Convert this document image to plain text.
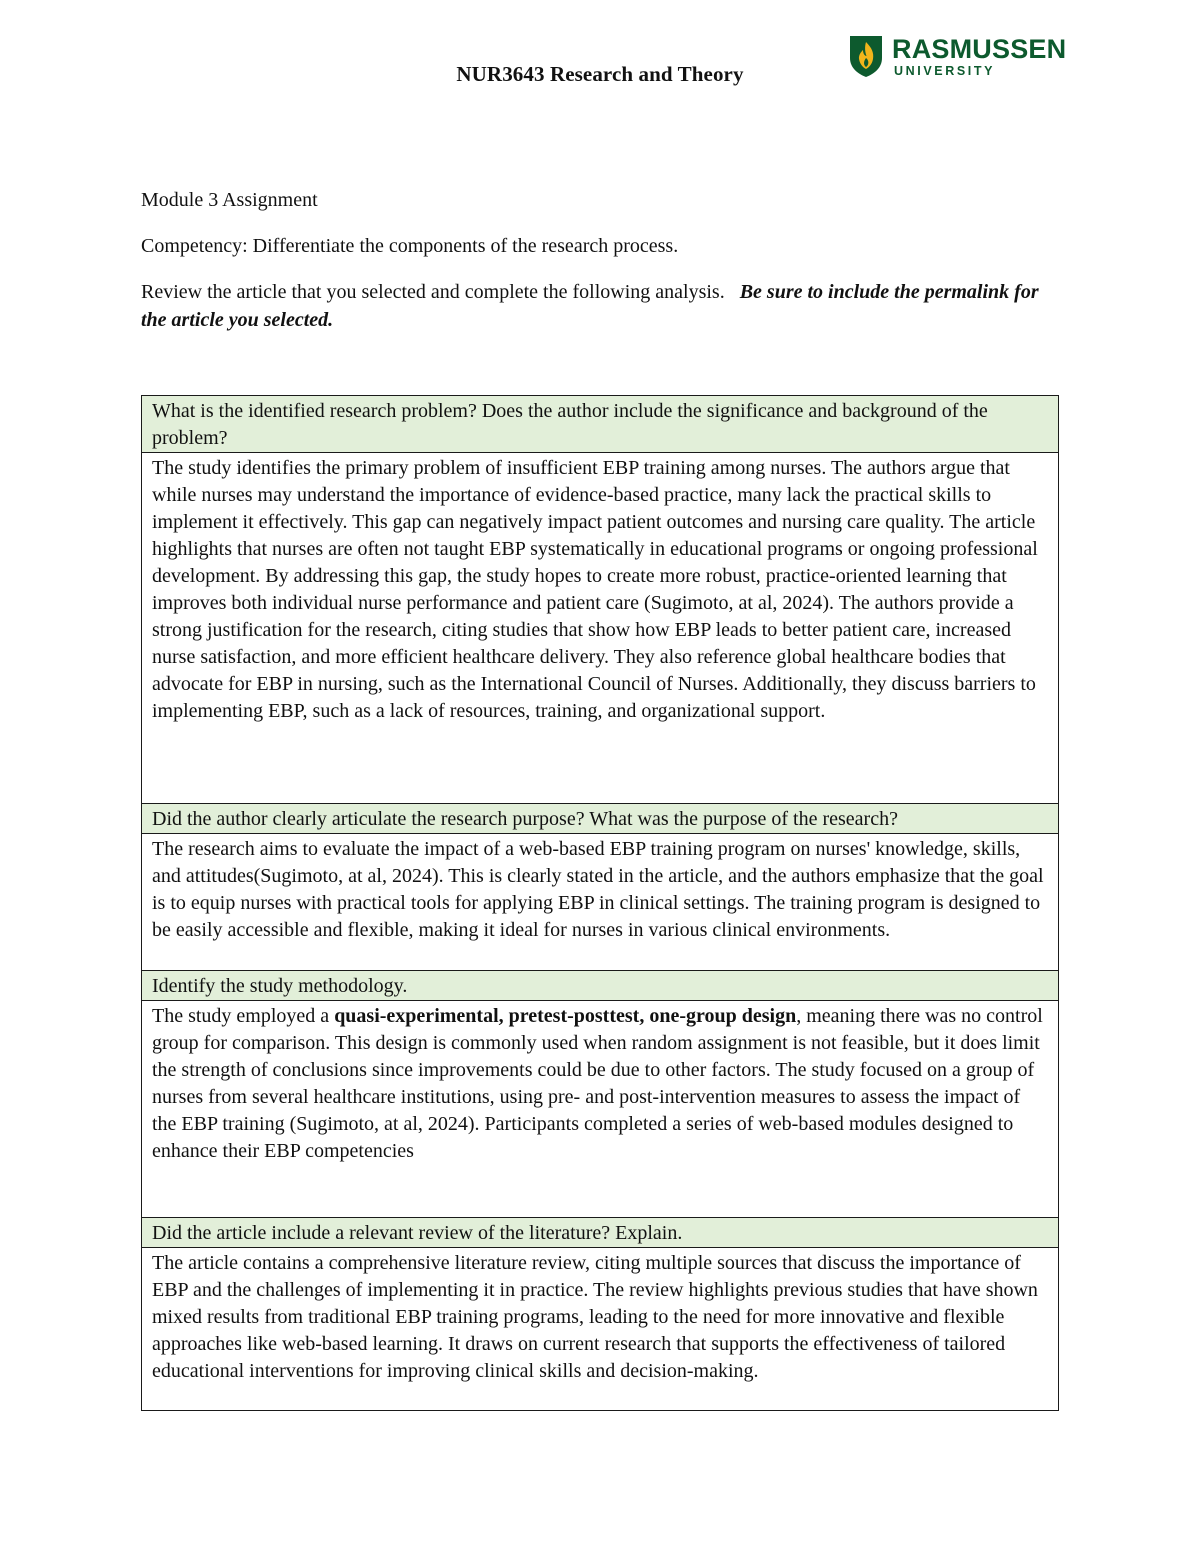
NUR3643 Research and Theory
RASMUSSEN
UNIVERSITY

Module 3 Assignment

Competency: Differentiate the components of the research process.

Review the article that you selected and complete the following analysis. Be sure to include the permalink for the article you selected.

What is the identified research problem? Does the author include the significance and background of the problem?
The study identifies the primary problem of insufficient EBP training among nurses. The authors argue that while nurses may understand the importance of evidence-based practice, many lack the practical skills to implement it effectively. This gap can negatively impact patient outcomes and nursing care quality. The article highlights that nurses are often not taught EBP systematically in educational programs or ongoing professional development. By addressing this gap, the study hopes to create more robust, practice-oriented learning that improves both individual nurse performance and patient care (Sugimoto, at al, 2024). The authors provide a strong justification for the research, citing studies that show how EBP leads to better patient care, increased nurse satisfaction, and more efficient healthcare delivery. They also reference global healthcare bodies that advocate for EBP in nursing, such as the International Council of Nurses. Additionally, they discuss barriers to implementing EBP, such as a lack of resources, training, and organizational support.
Did the author clearly articulate the research purpose? What was the purpose of the research?
The research aims to evaluate the impact of a web-based EBP training program on nurses' knowledge, skills, and attitudes(Sugimoto, at al, 2024). This is clearly stated in the article, and the authors emphasize that the goal is to equip nurses with practical tools for applying EBP in clinical settings. The training program is designed to be easily accessible and flexible, making it ideal for nurses in various clinical environments.
Identify the study methodology.
The study employed a quasi-experimental, pretest-posttest, one-group design, meaning there was no control group for comparison. This design is commonly used when random assignment is not feasible, but it does limit the strength of conclusions since improvements could be due to other factors. The study focused on a group of nurses from several healthcare institutions, using pre- and post-intervention measures to assess the impact of the EBP training (Sugimoto, at al, 2024). Participants completed a series of web-based modules designed to enhance their EBP competencies
Did the article include a relevant review of the literature? Explain.
The article contains a comprehensive literature review, citing multiple sources that discuss the importance of EBP and the challenges of implementing it in practice. The review highlights previous studies that have shown mixed results from traditional EBP training programs, leading to the need for more innovative and flexible approaches like web-based learning. It draws on current research that supports the effectiveness of tailored educational interventions for improving clinical skills and decision-making.
